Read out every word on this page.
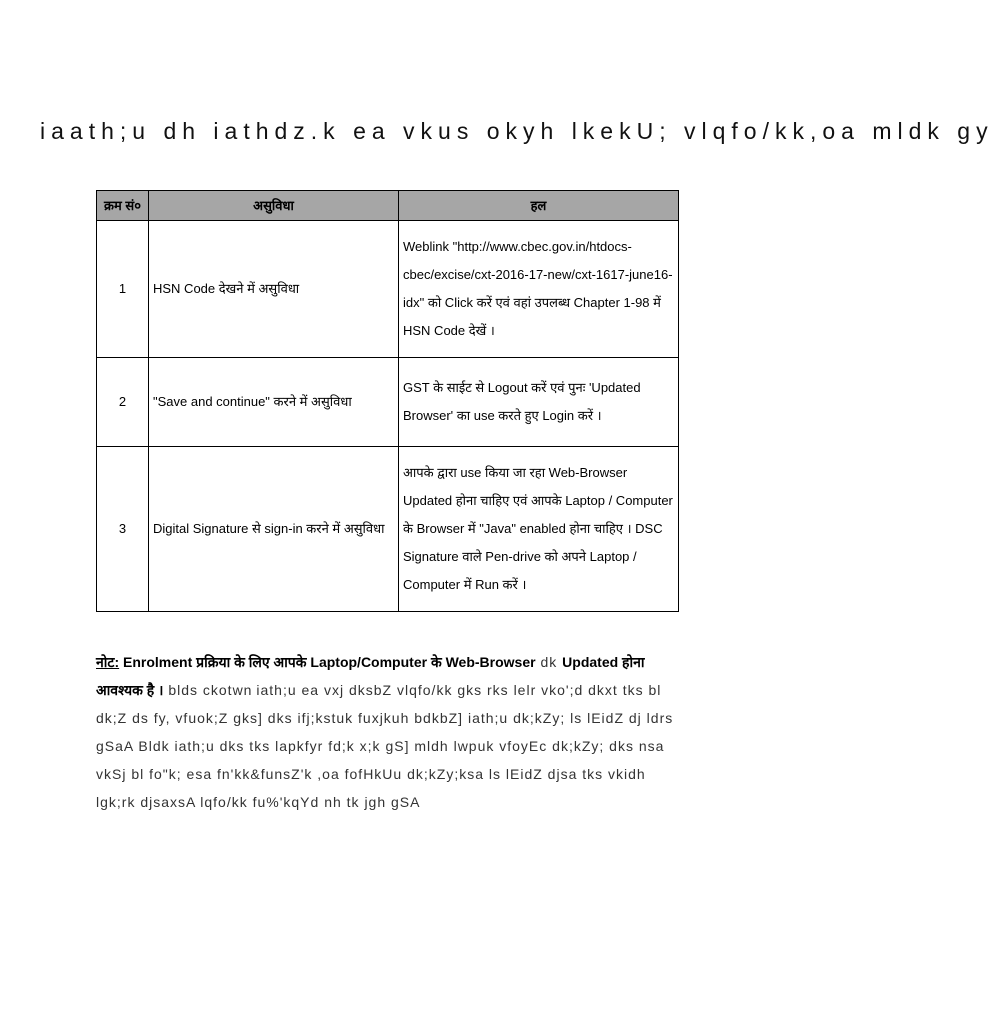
iaath;u dh iathdz.k ea vkus okyh lkekU; vlqfo/kk,oa mldk gy
क्रम सं०	असुविधा	हल
1	HSN Code देखने में असुविधा	Weblink "http://www.cbec.gov.in/htdocs-cbec/excise/cxt-2016-17-new/cxt-1617-june16-idx" को Click करें एवं वहां उपलब्ध Chapter 1-98 में HSN Code देखें ।
2	"Save and continue" करने में असुविधा	GST के साईट से Logout करें एवं पुनः 'Updated Browser' का use करते हुए Login करें ।
3	Digital Signature से sign-in करने में असुविधा	आपके द्वारा use किया जा रहा Web-Browser Updated होना चाहिए एवं आपके Laptop / Computer के Browser में "Java" enabled होना चाहिए । DSC Signature वाले Pen-drive को अपने Laptop / Computer में Run करें ।
नोट: Enrolment प्रक्रिया के लिए आपके Laptop/Computer के Web-Browser dk Updated होना आवश्यक है । blds ckotwn iath;u ea vxj dksbZ vlqfo/kk gks rks lelr vko';d dkxt tks bl dk;Z ds fy, vfuok;Z gks] dks ifj;kstuk fuxjkuh bdkbZ] iath;u dk;kZy; ls lEidZ dj ldrs gSaA Bldk iath;u dks tks lapkfyr fd;k x;k gS] mldh lwpuk vfoyEc dk;kZy; dks nsa vkSj bl fo"k; esa fn'kk&funsZ'k ,oa fofHkUu dk;kZy;ksa ls lEidZ djsa tks vkidh lgk;rk djsaxsA lqfo/kk fu%'kqYd nh tk jgh gSA
